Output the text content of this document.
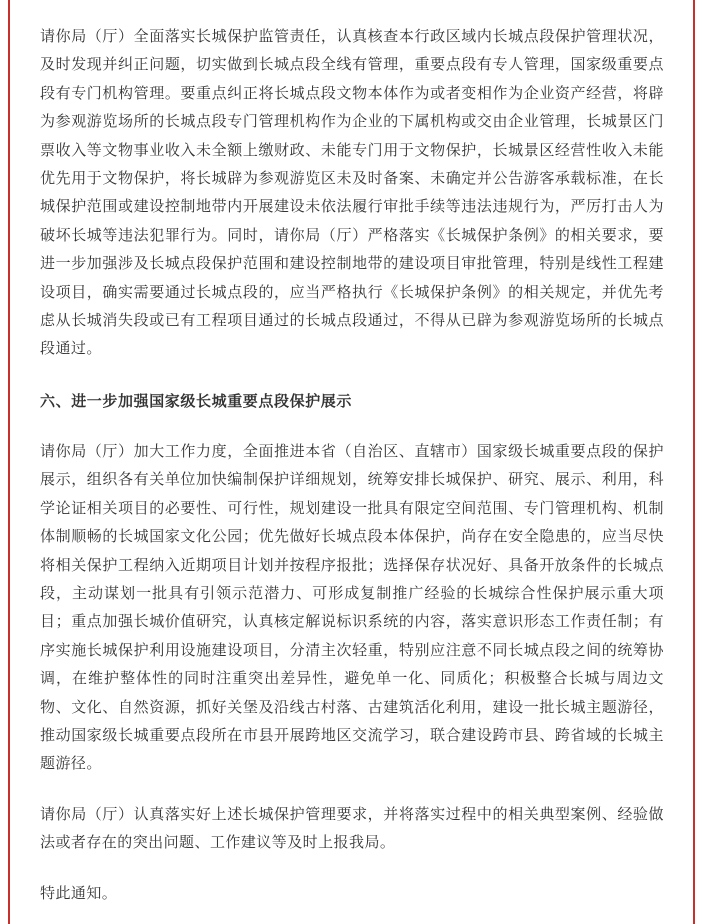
请你局（厅）全面落实长城保护监管责任，认真核查本行政区域内长城点段保护管理状况，及时发现并纠正问题，切实做到长城点段全线有管理，重要点段有专人管理，国家级重要点段有专门机构管理。要重点纠正将长城点段文物本体作为或者变相作为企业资产经营，将辟为参观游览场所的长城点段专门管理机构作为企业的下属机构或交由企业管理，长城景区门票收入等文物事业收入未全额上缴财政、未能专门用于文物保护，长城景区经营性收入未能优先用于文物保护，将长城辟为参观游览区未及时备案、未确定并公告游客承载标准，在长城保护范围或建设控制地带内开展建设未依法履行审批手续等违法违规行为，严厉打击人为破坏长城等违法犯罪行为。同时，请你局（厅）严格落实《长城保护条例》的相关要求，要进一步加强涉及长城点段保护范围和建设控制地带的建设项目审批管理，特别是线性工程建设项目，确实需要通过长城点段的，应当严格执行《长城保护条例》的相关规定，并优先考虑从长城消失段或已有工程项目通过的长城点段通过，不得从已辟为参观游览场所的长城点段通过。

六、进一步加强国家级长城重要点段保护展示

请你局（厅）加大工作力度，全面推进本省（自治区、直辖市）国家级长城重要点段的保护展示，组织各有关单位加快编制保护详细规划，统筹安排长城保护、研究、展示、利用，科学论证相关项目的必要性、可行性，规划建设一批具有限定空间范围、专门管理机构、机制体制顺畅的长城国家文化公园；优先做好长城点段本体保护，尚存在安全隐患的，应当尽快将相关保护工程纳入近期项目计划并按程序报批；选择保存状况好、具备开放条件的长城点段，主动谋划一批具有引领示范潜力、可形成复制推广经验的长城综合性保护展示重大项目；重点加强长城价值研究，认真核定解说标识系统的内容，落实意识形态工作责任制；有序实施长城保护利用设施建设项目，分清主次轻重，特别应注意不同长城点段之间的统筹协调，在维护整体性的同时注重突出差异性，避免单一化、同质化；积极整合长城与周边文物、文化、自然资源，抓好关堡及沿线古村落、古建筑活化利用，建设一批长城主题游径，推动国家级长城重要点段所在市县开展跨地区交流学习，联合建设跨市县、跨省域的长城主题游径。

请你局（厅）认真落实好上述长城保护管理要求，并将落实过程中的相关典型案例、经验做法或者存在的突出问题、工作建议等及时上报我局。

特此通知。
